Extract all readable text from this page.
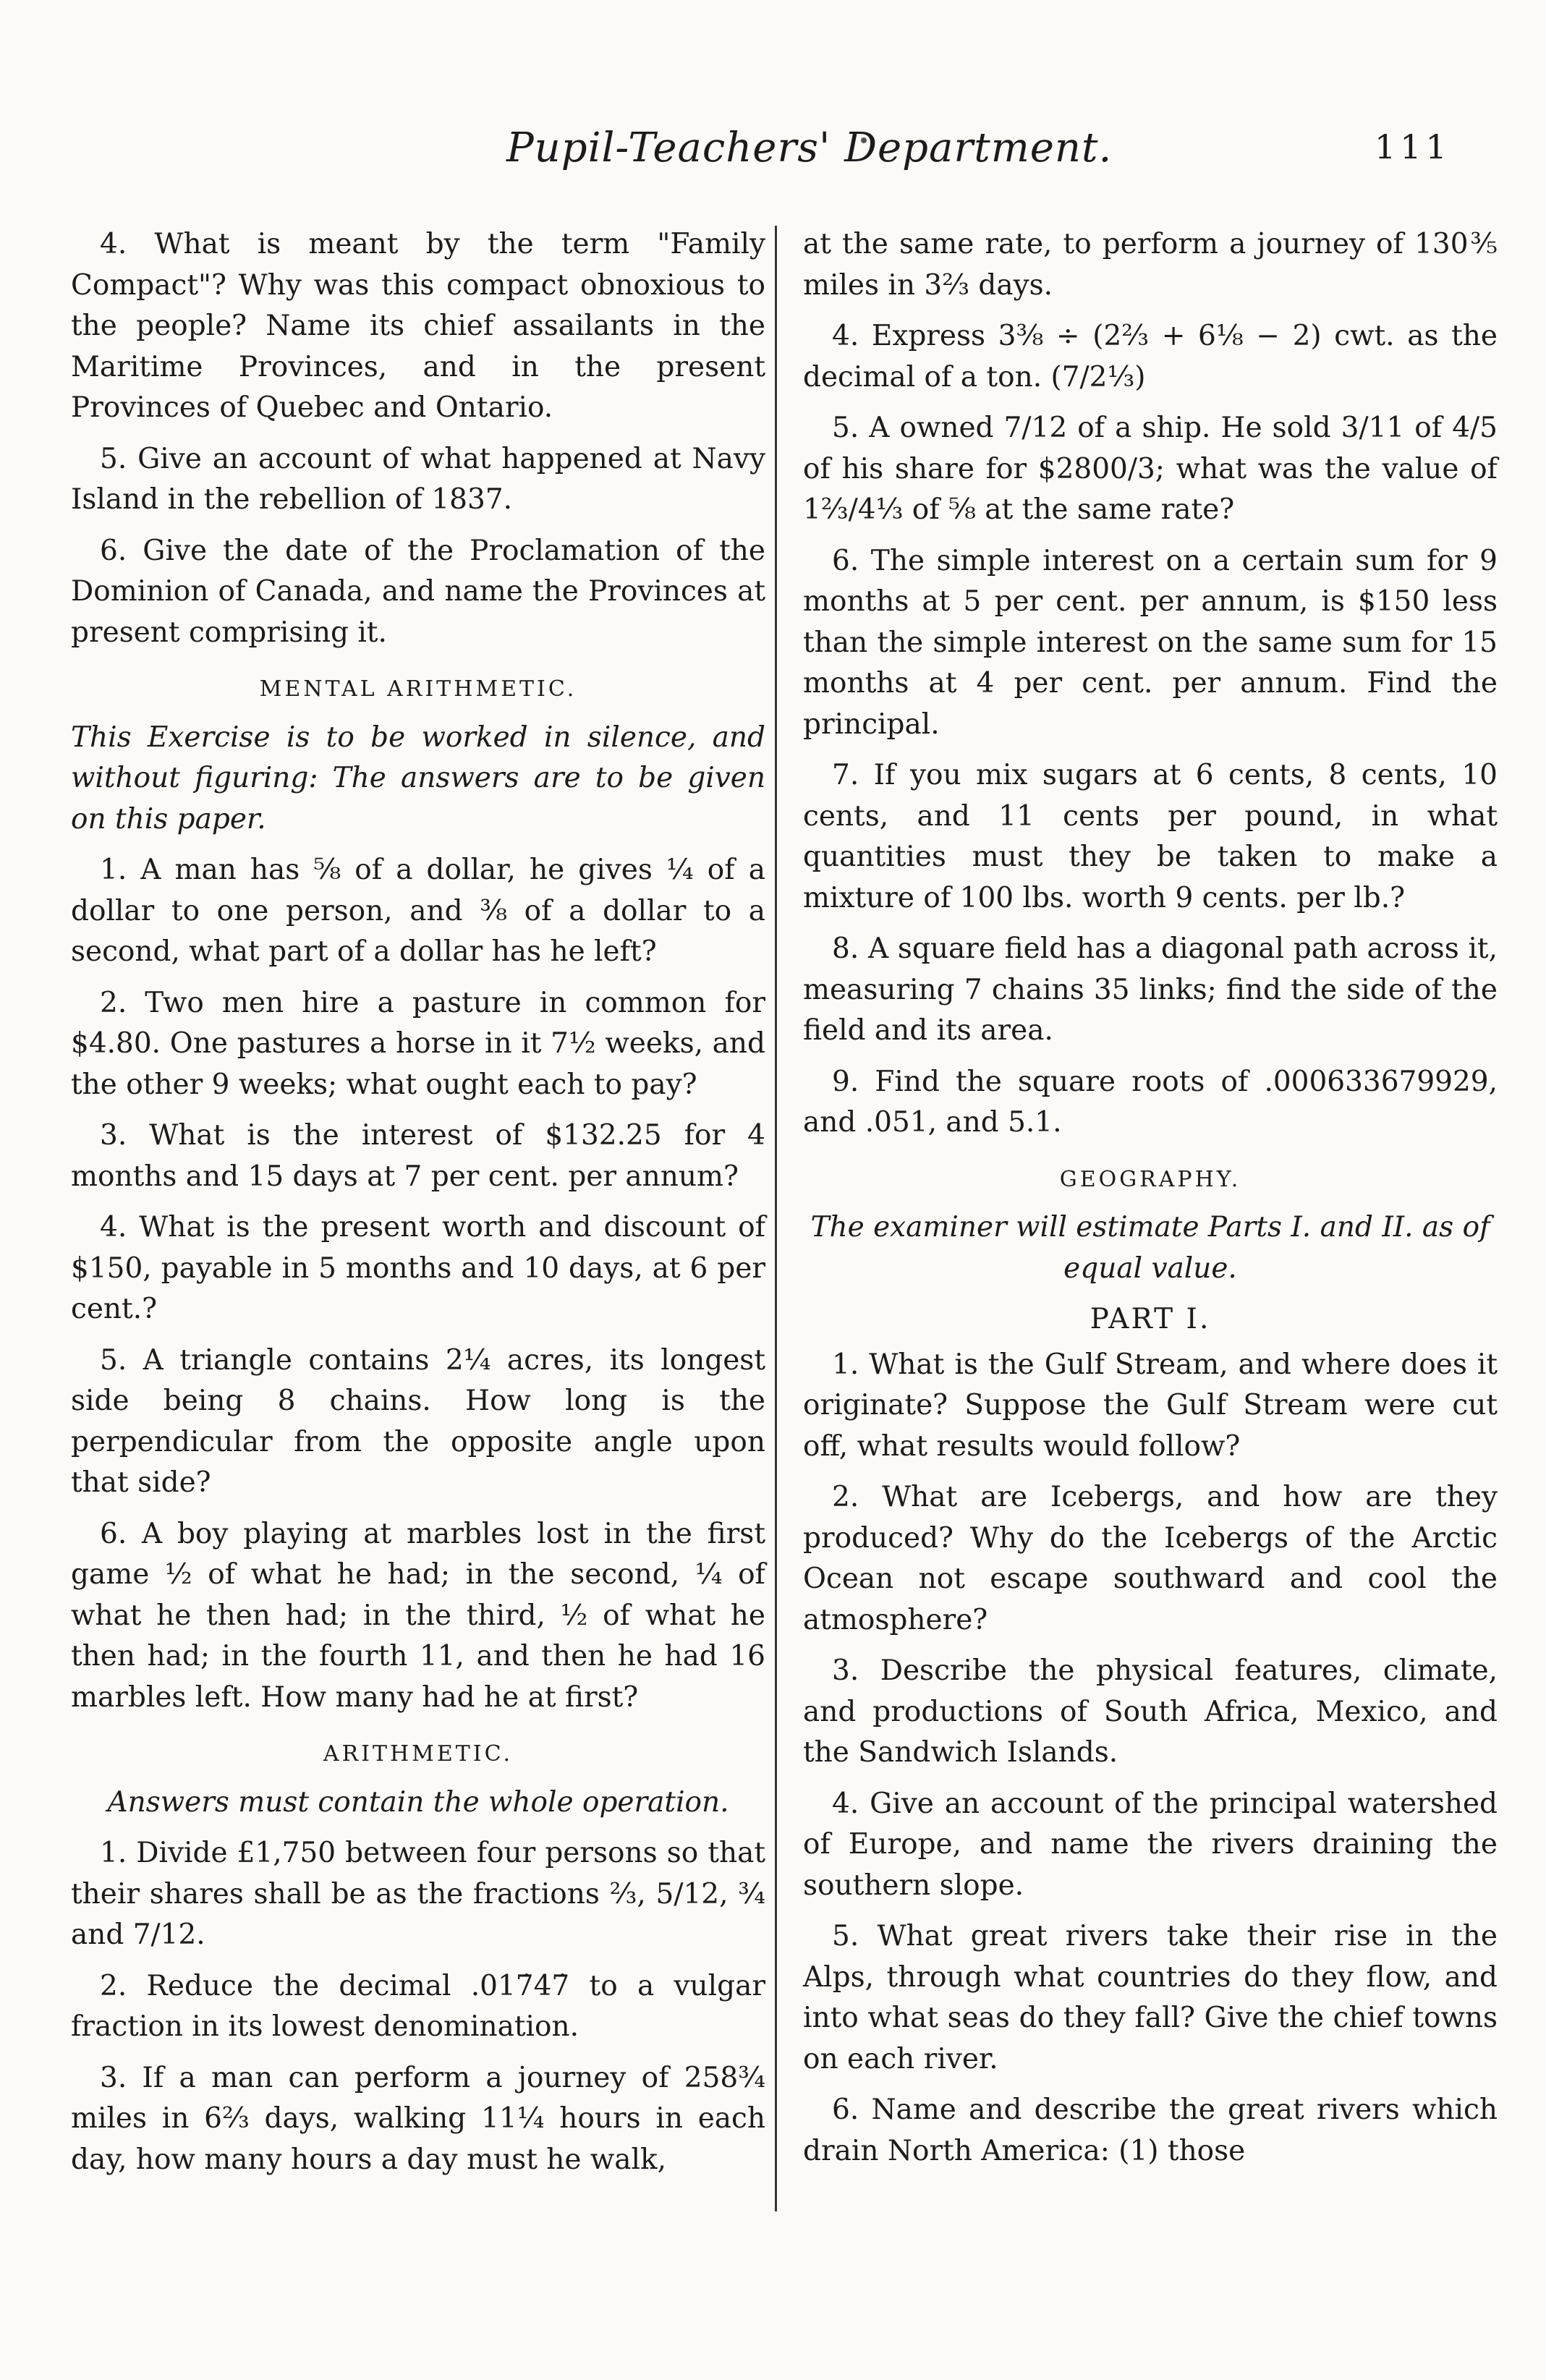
Pupil-Teachers' Department.	111

4. What is meant by the term "Family Compact"? Why was this compact obnoxious to the people? Name its chief assailants in the Maritime Provinces, and in the present Provinces of Quebec and Ontario.

5. Give an account of what happened at Navy Island in the rebellion of 1837.

6. Give the date of the Proclamation of the Dominion of Canada, and name the Provinces at present comprising it.

MENTAL ARITHMETIC.

This Exercise is to be worked in silence, and without figuring: The answers are to be given on this paper.

1. A man has ⅝ of a dollar, he gives ¼ of a dollar to one person, and ⅜ of a dollar to a second, what part of a dollar has he left?

2. Two men hire a pasture in common for $4.80. One pastures a horse in it 7½ weeks, and the other 9 weeks; what ought each to pay?

3. What is the interest of $132.25 for 4 months and 15 days at 7 per cent. per annum?

4. What is the present worth and discount of $150, payable in 5 months and 10 days, at 6 per cent.?

5. A triangle contains 2¼ acres, its longest side being 8 chains. How long is the perpendicular from the opposite angle upon that side?

6. A boy playing at marbles lost in the first game ½ of what he had; in the second, ¼ of what he then had; in the third, ½ of what he then had; in the fourth 11, and then he had 16 marbles left. How many had he at first?

ARITHMETIC.

Answers must contain the whole operation.

1. Divide £1,750 between four persons so that their shares shall be as the fractions ⅔, 5/12, ¾ and 7/12.

2. Reduce the decimal .017̇47̇ to a vulgar fraction in its lowest denomination.

3. If a man can perform a journey of 258¾ miles in 6⅔ days, walking 11¼ hours in each day, how many hours a day must he walk,

at the same rate, to perform a journey of 130⅗ miles in 3⅔ days.

4. Express 3⅜ ÷ (2⅔ + 6⅛ − 2) cwt. as the decimal of a ton. (7/2⅓)

5. A owned 7/12 of a ship. He sold 3/11 of 4/5 of his share for $2800/3; what was the value of 1⅔/4⅓ of ⅝ at the same rate?

6. The simple interest on a certain sum for 9 months at 5 per cent. per annum, is $150 less than the simple interest on the same sum for 15 months at 4 per cent. per annum. Find the principal.

7. If you mix sugars at 6 cents, 8 cents, 10 cents, and 11 cents per pound, in what quantities must they be taken to make a mixture of 100 lbs. worth 9 cents. per lb.?

8. A square field has a diagonal path across it, measuring 7 chains 35 links; find the side of the field and its area.

9. Find the square roots of .000633679929, and .051, and 5.1.

GEOGRAPHY.

The examiner will estimate Parts I. and II. as of equal value.

PART I.

1. What is the Gulf Stream, and where does it originate? Suppose the Gulf Stream were cut off, what results would follow?

2. What are Icebergs, and how are they produced? Why do the Icebergs of the Arctic Ocean not escape southward and cool the atmosphere?

3. Describe the physical features, climate, and productions of South Africa, Mexico, and the Sandwich Islands.

4. Give an account of the principal watershed of Europe, and name the rivers draining the southern slope.

5. What great rivers take their rise in the Alps, through what countries do they flow, and into what seas do they fall? Give the chief towns on each river.

6. Name and describe the great rivers which drain North America: (1) those
